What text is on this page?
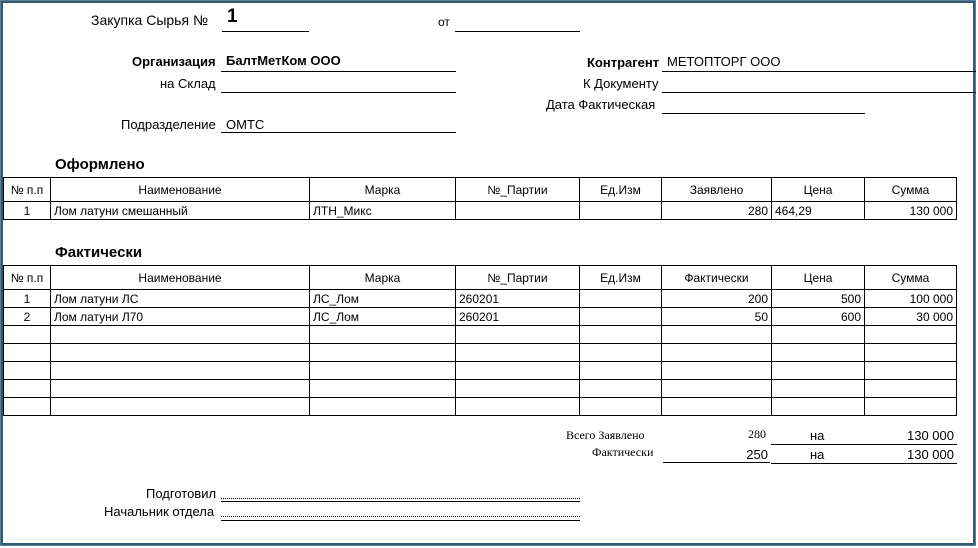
Закупка Сырья № 1	от
Организация БалтМетКом ООО
на Склад
Подразделение ОМТС
Контрагент МЕТОПТОРГ ООО
К Документу
Дата Фактическая
Оформлено
№ п.п	Наименование	Марка	№_Партии	Ед.Изм	Заявлено	Цена	Сумма
1	Лом латуни смешанный	ЛТН_Микс			280	464,29	130 000
Фактически
№ п.п	Наименование	Марка	№_Партии	Ед.Изм	Фактически	Цена	Сумма
1	Лом латуни ЛС	ЛС_Лом	260201		200	500	100 000
2	Лом латуни Л70	ЛС_Лом	260201		50	600	30 000

Всего Заявлено	280	на	130 000
Фактически	250	на	130 000
Подготовил
Начальник отдела
